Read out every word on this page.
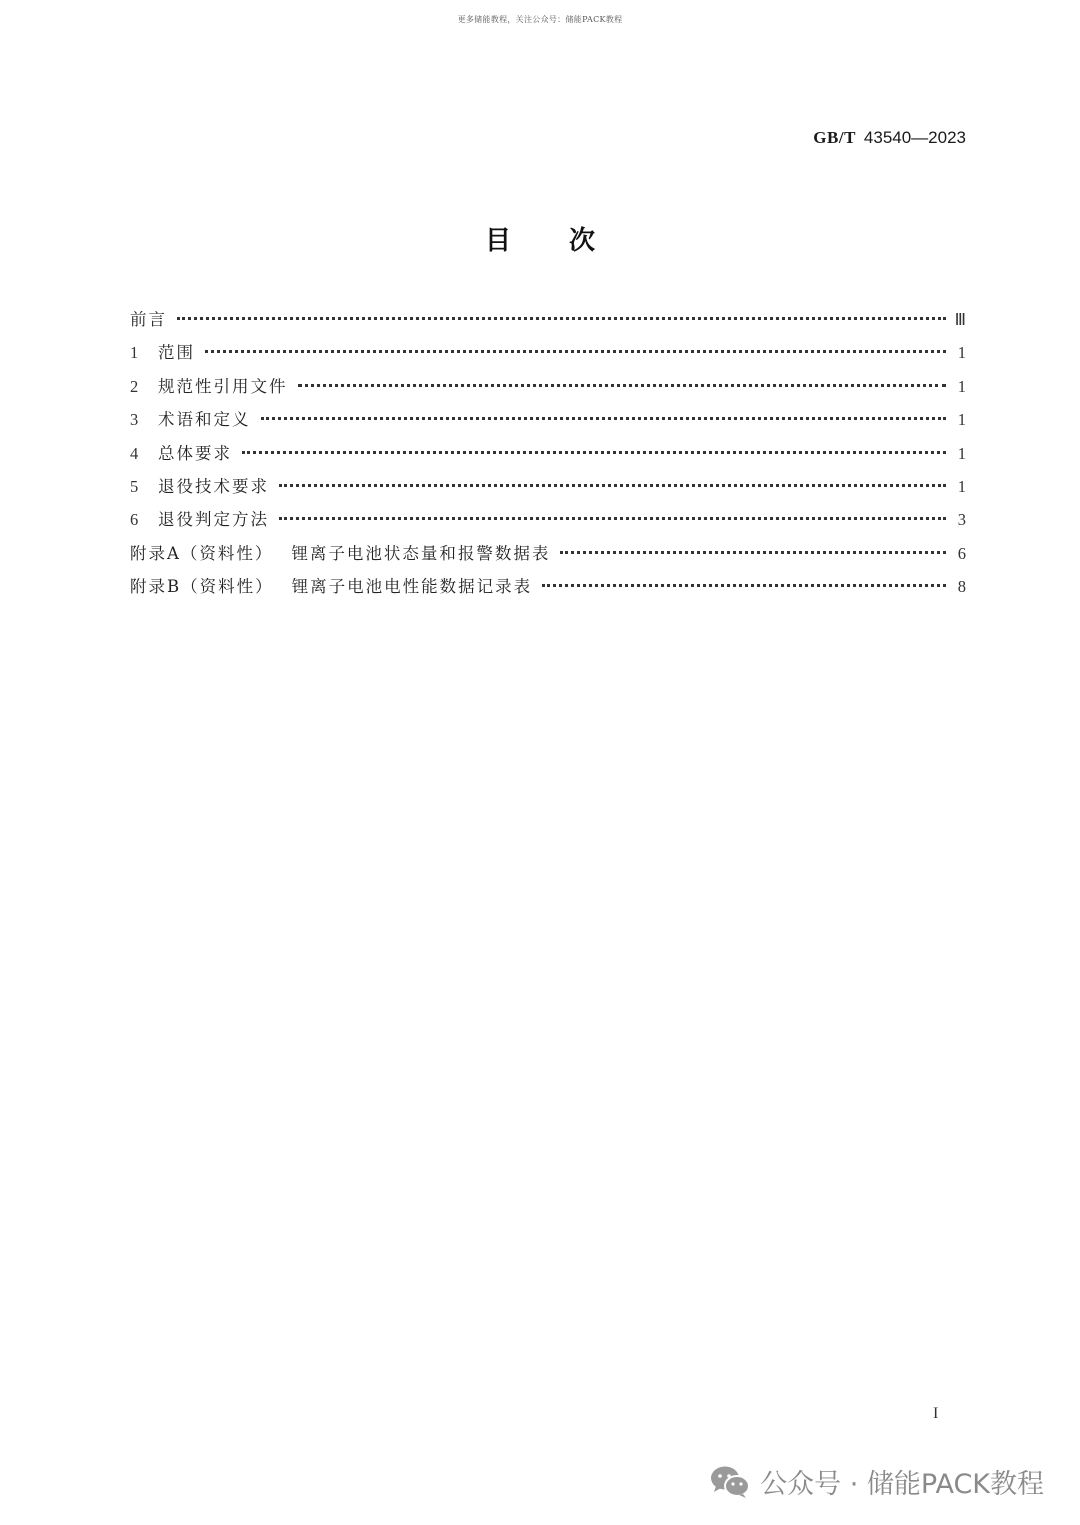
更多储能教程，关注公众号：储能PACK教程
GB/T 43540—2023
目次
前言	Ⅲ
1	范围	1
2	规范性引用文件	1
3	术语和定义	1
4	总体要求	1
5	退役技术要求	1
6	退役判定方法	3
附录A（资料性） 锂离子电池状态量和报警数据表	6
附录B（资料性） 锂离子电池电性能数据记录表	8
I
公众号 · 储能PACK教程
